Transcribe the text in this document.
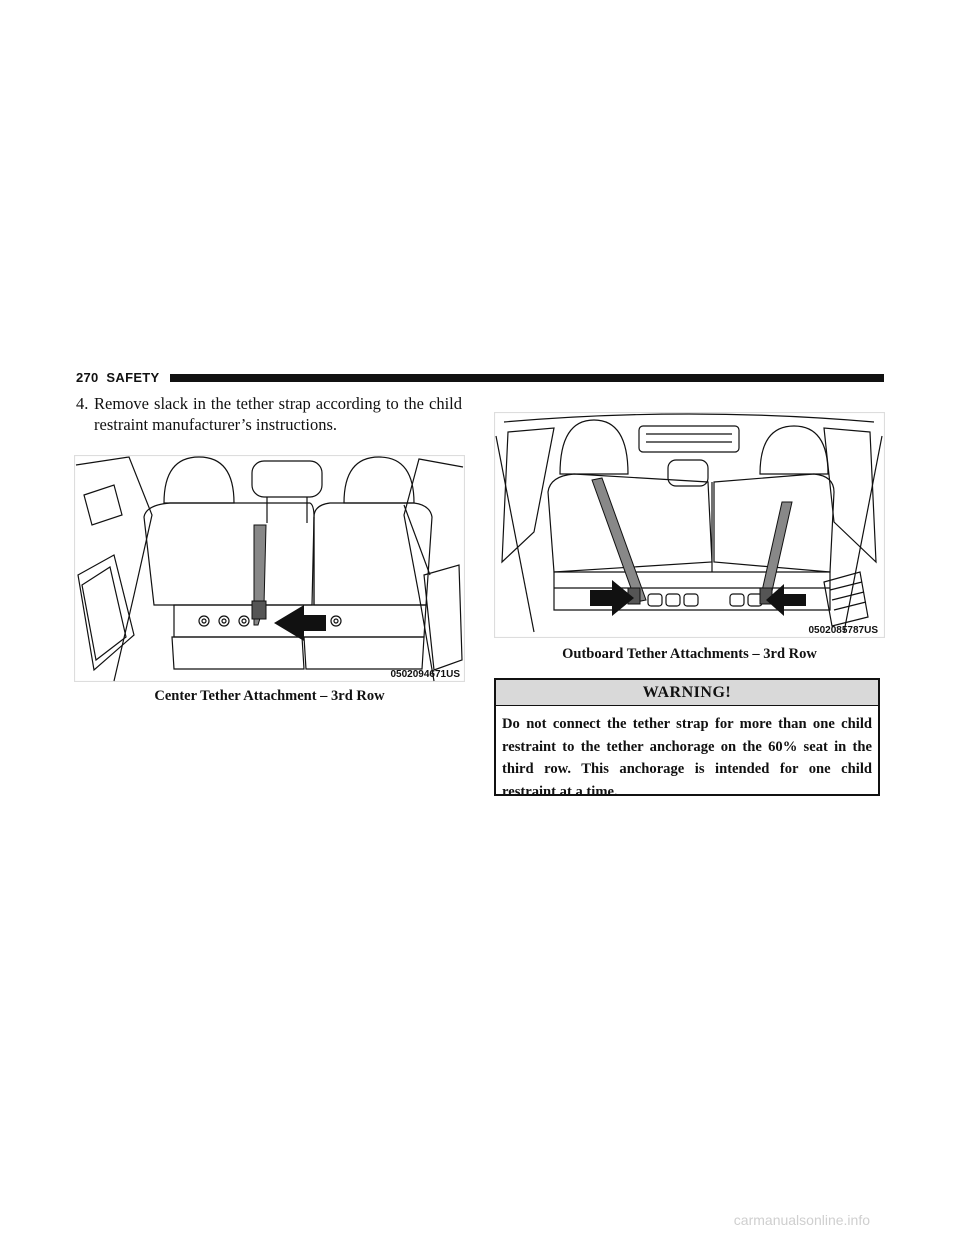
270 SAFETY
4. Remove slack in the tether strap according to the child restraint manufacturer’s instructions.
0502094671US
Center Tether Attachment – 3rd Row
0502085787US
Outboard Tether Attachments – 3rd Row
WARNING!
Do not connect the tether strap for more than one child restraint to the tether anchorage on the 60% seat in the third row. This anchorage is intended for one child restraint at a time.
carmanualsonline.info
